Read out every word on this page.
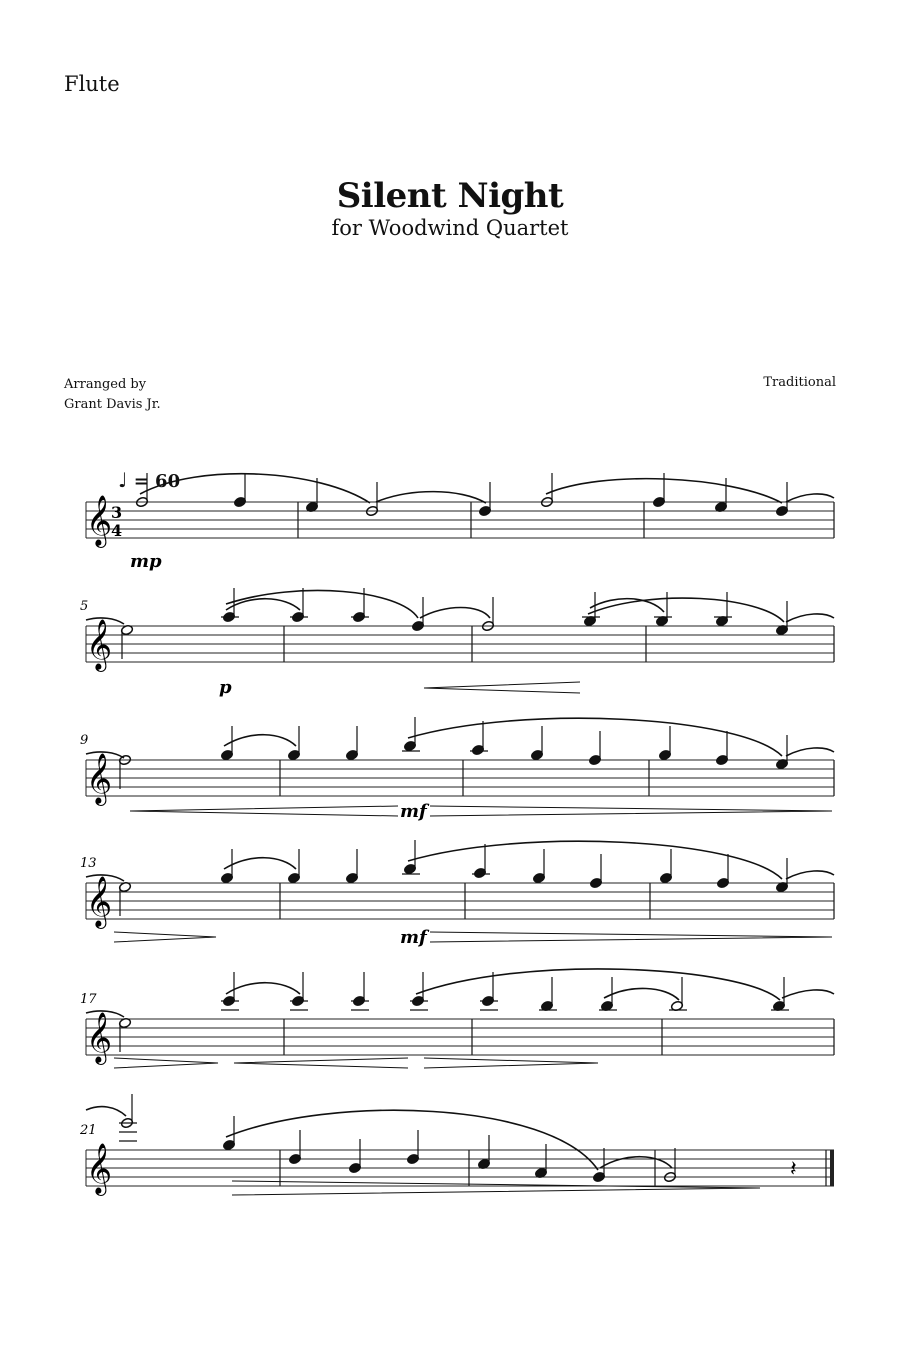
Flute
Silent Night
for Woodwind Quartet
Arranged by
Grant Davis Jr.
Traditional
♩ = 60
𝄞
3
4
mp
5
𝄞
p
9
𝄞
mf
13
𝄞
mf
17
𝄞
21
𝄞	𝄽
